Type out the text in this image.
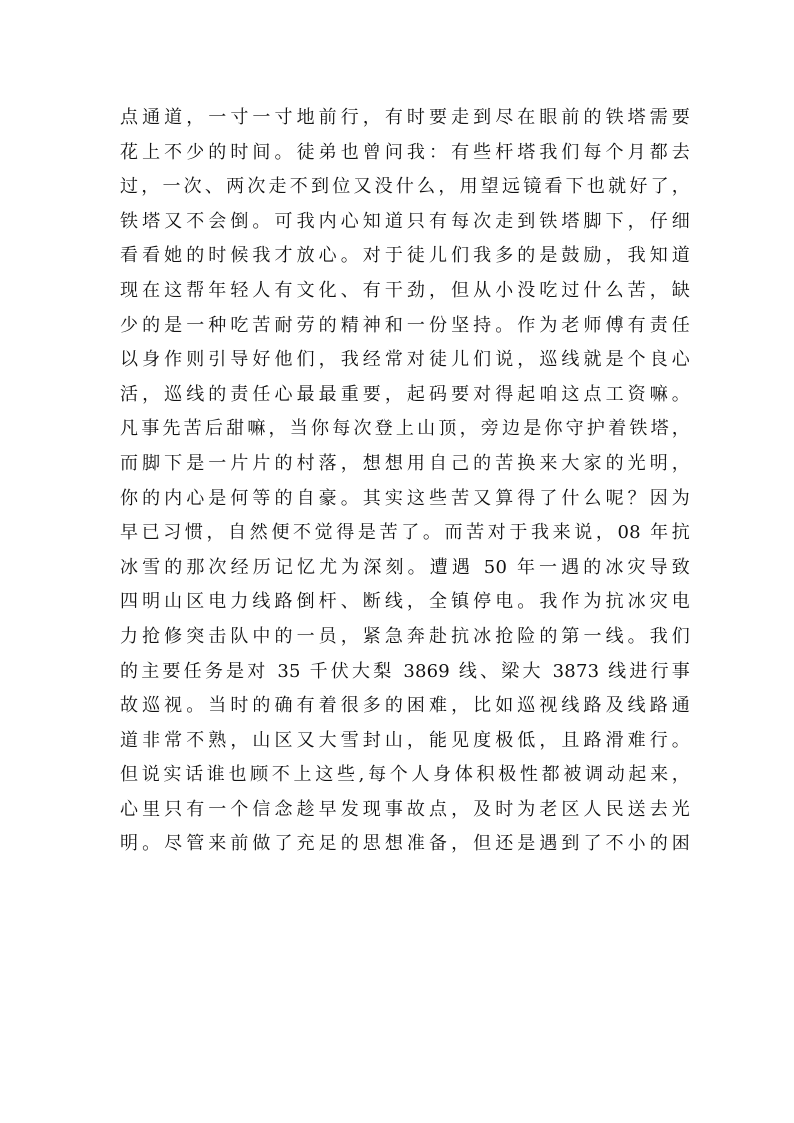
点通道，一寸一寸地前行，有时要走到尽在眼前的铁塔需要
花上不少的时间。徒弟也曾问我：有些杆塔我们每个月都去
过，一次、两次走不到位又没什么，用望远镜看下也就好了，
铁塔又不会倒。可我内心知道只有每次走到铁塔脚下，仔细
看看她的时候我才放心。对于徒儿们我多的是鼓励，我知道
现在这帮年轻人有文化、有干劲，但从小没吃过什么苦，缺
少的是一种吃苦耐劳的精神和一份坚持。作为老师傅有责任
以身作则引导好他们，我经常对徒儿们说，巡线就是个良心
活，巡线的责任心最最重要，起码要对得起咱这点工资嘛。
凡事先苦后甜嘛，当你每次登上山顶，旁边是你守护着铁塔，
而脚下是一片片的村落，想想用自己的苦换来大家的光明，
你的内心是何等的自豪。其实这些苦又算得了什么呢？因为
早已习惯，自然便不觉得是苦了。而苦对于我来说，08 年抗
冰雪的那次经历记忆尤为深刻。遭遇 50 年一遇的冰灾导致
四明山区电力线路倒杆、断线，全镇停电。我作为抗冰灾电
力抢修突击队中的一员，紧急奔赴抗冰抢险的第一线。我们
的主要任务是对 35 千伏大梨 3869 线、梁大 3873 线进行事
故巡视。当时的确有着很多的困难，比如巡视线路及线路通
道非常不熟，山区又大雪封山，能见度极低，且路滑难行。
但说实话谁也顾不上这些,每个人身体积极性都被调动起来，
心里只有一个信念趁早发现事故点，及时为老区人民送去光
明。尽管来前做了充足的思想准备，但还是遇到了不小的困
